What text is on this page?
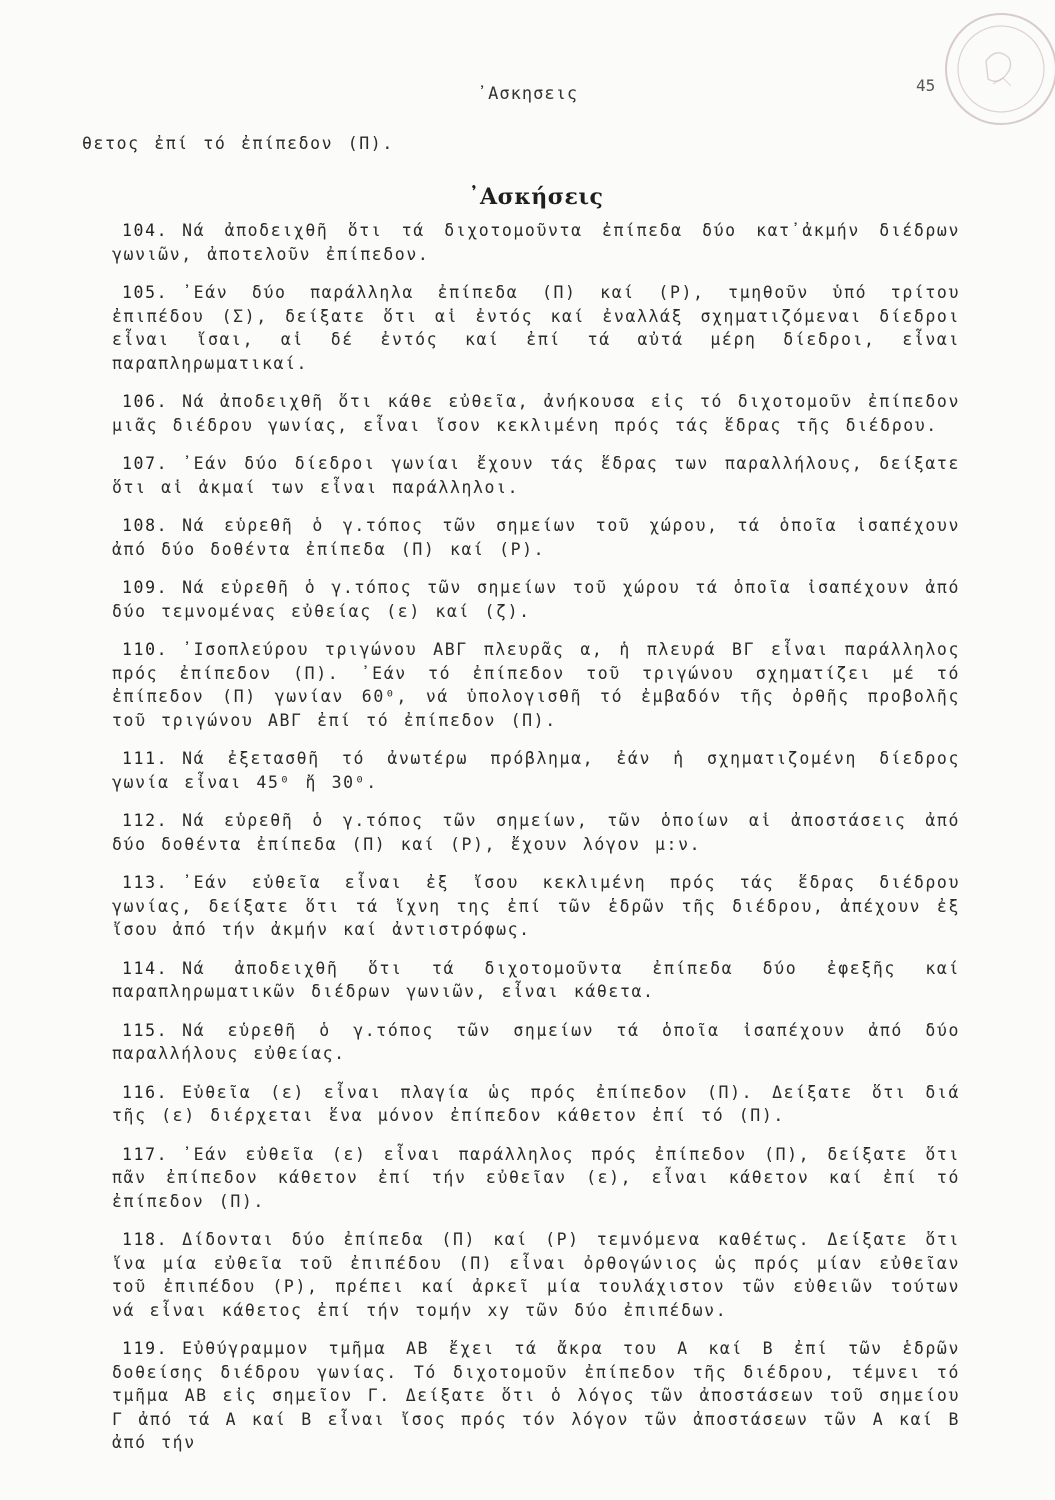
᾿Ασκησεις	45

θετος ἐπί τό ἐπίπεδον (Π).

᾿Ασκήσεις

104. Νά ἀποδειχθῆ ὅτι τά διχοτομοῦντα ἐπίπεδα δύο κατ᾿ἀκμήν διέδρων γωνιῶν, ἀποτελοῦν ἐπίπεδον.

105. ᾿Εάν δύο παράλληλα ἐπίπεδα (Π) καί (Ρ), τμηθοῦν ὑπό τρίτου ἐπιπέδου (Σ), δείξατε ὅτι αἱ ἐντός καί ἐναλλάξ σχηματιζόμεναι δίεδροι εἶναι ἴσαι, αἱ δέ ἐντός καί ἐπί τά αὐτά μέρη δίεδροι, εἶναι παραπληρωματικαί.

106. Νά ἀποδειχθῆ ὅτι κάθε εὐθεῖα, ἀνήκουσα εἰς τό διχοτομοῦν ἐπίπεδον μιᾶς διέδρου γωνίας, εἶναι ἴσον κεκλιμένη πρός τάς ἕδρας τῆς διέδρου.

107. ᾿Εάν δύο δίεδροι γωνίαι ἔχουν τάς ἕδρας των παραλλήλους, δείξατε ὅτι αἱ ἀκμαί των εἶναι παράλληλοι.

108. Νά εὑρεθῆ ὁ γ.τόπος τῶν σημείων τοῦ χώρου, τά ὁποῖα ἰσαπέχουν ἀπό δύο δοθέντα ἐπίπεδα (Π) καί (Ρ).

109. Νά εὑρεθῆ ὁ γ.τόπος τῶν σημείων τοῦ χώρου τά ὁποῖα ἰσαπέχουν ἀπό δύο τεμνομένας εὐθείας (ε) καί (ζ).

110. ᾿Ισοπλεύρου τριγώνου ΑΒΓ πλευρᾶς α, ἡ πλευρά ΒΓ εἶναι παράλληλος πρός ἐπίπεδον (Π). ᾿Εάν τό ἐπίπεδον τοῦ τριγώνου σχηματίζει μέ τό ἐπίπεδον (Π) γωνίαν 60⁰, νά ὑπολογισθῆ τό ἐμβαδόν τῆς ὀρθῆς προβολῆς τοῦ τριγώνου ΑΒΓ ἐπί τό ἐπίπεδον (Π).

111. Νά ἐξετασθῆ τό ἀνωτέρω πρόβλημα, ἐάν ἡ σχηματιζομένη δίεδρος γωνία εἶναι 45⁰ ἤ 30⁰.

112. Νά εὑρεθῆ ὁ γ.τόπος τῶν σημείων, τῶν ὁποίων αἱ ἀποστάσεις ἀπό δύο δοθέντα ἐπίπεδα (Π) καί (Ρ), ἔχουν λόγον μ:ν.

113. ᾿Εάν εὐθεῖα εἶναι ἐξ ἴσου κεκλιμένη πρός τάς ἕδρας διέδρου γωνίας, δείξατε ὅτι τά ἴχνη της ἐπί τῶν ἑδρῶν τῆς διέδρου, ἀπέχουν ἐξ ἴσου ἀπό τήν ἀκμήν καί ἀντιστρόφως.

114. Νά ἀποδειχθῆ ὅτι τά διχοτομοῦντα ἐπίπεδα δύο ἐφεξῆς καί παραπληρωματικῶν διέδρων γωνιῶν, εἶναι κάθετα.

115. Νά εὑρεθῆ ὁ γ.τόπος τῶν σημείων τά ὁποῖα ἰσαπέχουν ἀπό δύο παραλλήλους εὐθείας.

116. Εὐθεῖα (ε) εἶναι πλαγία ὡς πρός ἐπίπεδον (Π). Δείξατε ὅτι διά τῆς (ε) διέρχεται ἕνα μόνον ἐπίπεδον κάθετον ἐπί τό (Π).

117. ᾿Εάν εὐθεῖα (ε) εἶναι παράλληλος πρός ἐπίπεδον (Π), δείξατε ὅτι πᾶν ἐπίπεδον κάθετον ἐπί τήν εὐθεῖαν (ε), εἶναι κάθετον καί ἐπί τό ἐπίπεδον (Π).

118. Δίδονται δύο ἐπίπεδα (Π) καί (Ρ) τεμνόμενα καθέτως. Δείξατε ὅτι ἵνα μία εὐθεῖα τοῦ ἐπιπέδου (Π) εἶναι ὀρθογώνιος ὡς πρός μίαν εὐθεῖαν τοῦ ἐπιπέδου (Ρ), πρέπει καί ἀρκεῖ μία τουλάχιστον τῶν εὐθειῶν τούτων νά εἶναι κάθετος ἐπί τήν τομήν xy τῶν δύο ἐπιπέδων.

119. Εὐθύγραμμον τμῆμα ΑΒ ἔχει τά ἄκρα του Α καί Β ἐπί τῶν ἑδρῶν δοθείσης διέδρου γωνίας. Τό διχοτομοῦν ἐπίπεδον τῆς διέδρου, τέμνει τό τμῆμα ΑΒ εἰς σημεῖον Γ. Δείξατε ὅτι ὁ λόγος τῶν ἀποστάσεων τοῦ σημείου Γ ἀπό τά Α καί Β εἶναι ἴσος πρός τόν λόγον τῶν ἀποστάσεων τῶν Α καί Β ἀπό τήν
